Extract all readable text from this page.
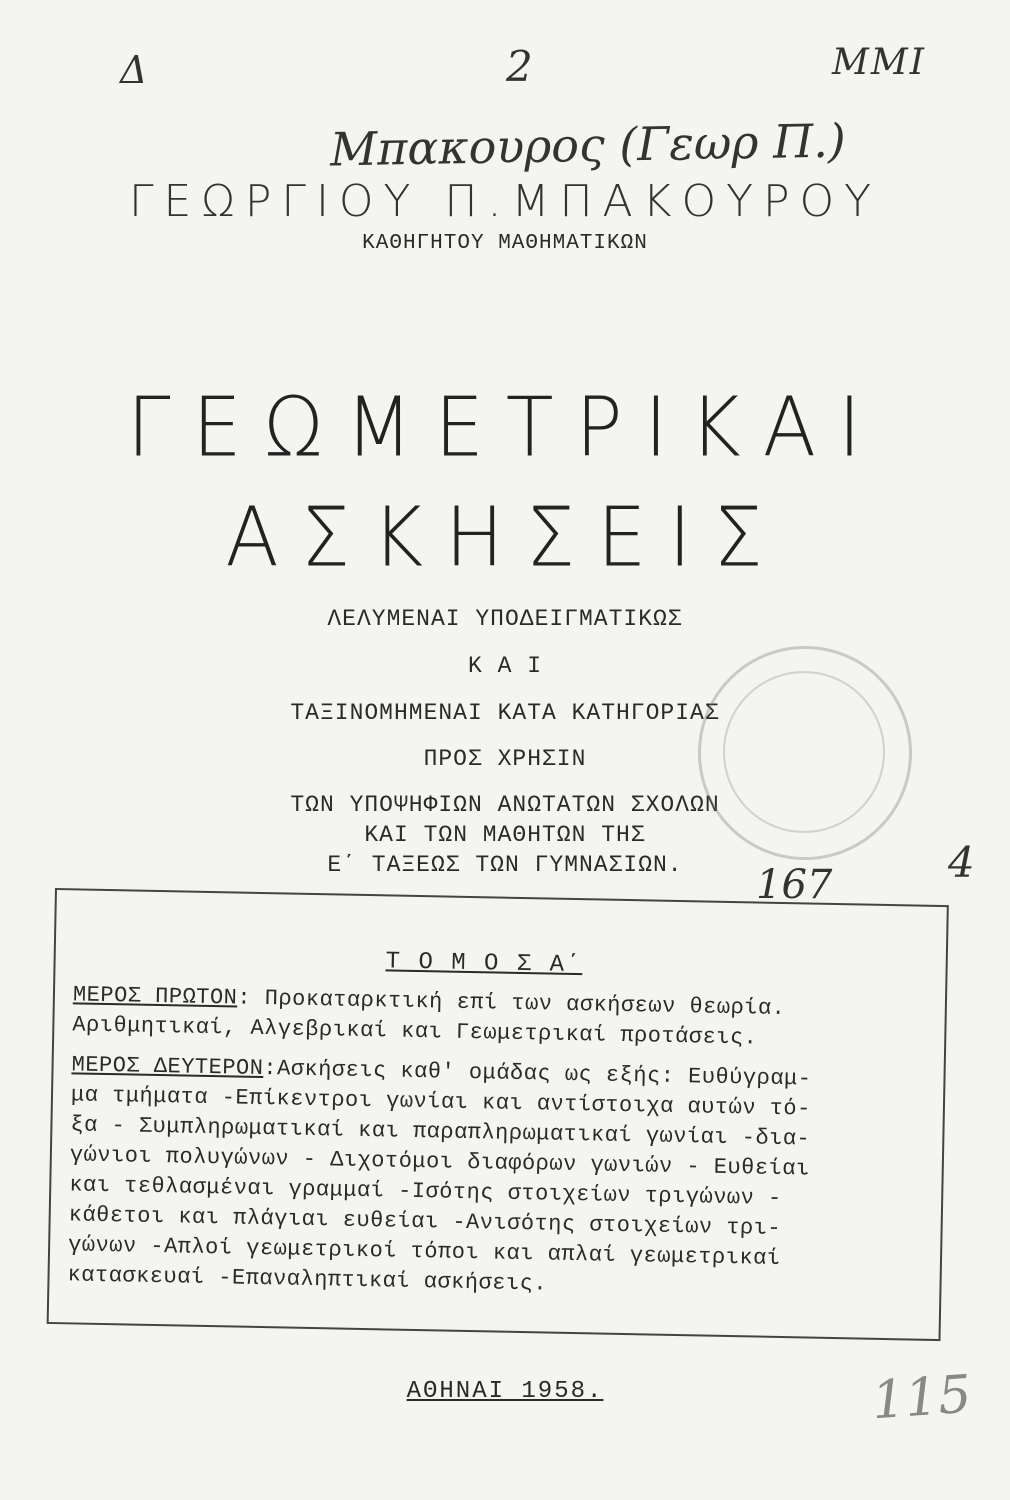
Δ	2	ΜΜΙ
Μπακουρος (Γεωρ Π.)
ΓΕΩΡΓΙΟΥ Π.ΜΠΑΚΟΥΡΟΥ
ΚΑΘΗΓΗΤΟΥ ΜΑΘΗΜΑΤΙΚΩΝ
ΓΕΩΜΕΤΡΙΚΑΙ
ΑΣΚΗΣΕΙΣ
ΛΕΛΥΜΕΝΑΙ ΥΠΟΔΕΙΓΜΑΤΙΚΩΣ
Κ Α Ι
ΤΑΞΙΝΟΜΗΜΕΝΑΙ ΚΑΤΑ ΚΑΤΗΓΟΡΙΑΣ
ΠΡΟΣ ΧΡΗΣΙΝ
ΤΩΝ ΥΠΟΨΗΦΙΩΝ ΑΝΩΤΑΤΩΝ ΣΧΟΛΩΝ
ΚΑΙ ΤΩΝ ΜΑΘΗΤΩΝ ΤΗΣ
Ε΄ ΤΑΞΕΩΣ ΤΩΝ ΓΥΜΝΑΣΙΩΝ.	167	4
Τ Ο Μ Ο Σ Α΄
ΜΕΡΟΣ ΠΡΩΤΟΝ: Προκαταρκτική επί των ασκήσεων θεωρία.
Αριθμητικαί, Αλγεβρικαί και Γεωμετρικαί προτάσεις.
ΜΕΡΟΣ ΔΕΥΤΕΡΟΝ:Ασκήσεις καθ' ομάδας ως εξής: Ευθύγραμ-
μα τμήματα -Επίκεντροι γωνίαι και αντίστοιχα αυτών τό-
ξα - Συμπληρωματικαί και παραπληρωματικαί γωνίαι -δια-
γώνιοι πολυγώνων - Διχοτόμοι διαφόρων γωνιών - Ευθείαι
και τεθλασμέναι γραμμαί -Ισότης στοιχείων τριγώνων -
κάθετοι και πλάγιαι ευθείαι -Ανισότης στοιχείων τρι-
γώνων -Απλοί γεωμετρικοί τόποι και απλαί γεωμετρικαί
κατασκευαί -Επαναληπτικαί ασκήσεις.
ΑΘΗΝΑΙ 1958.	115
